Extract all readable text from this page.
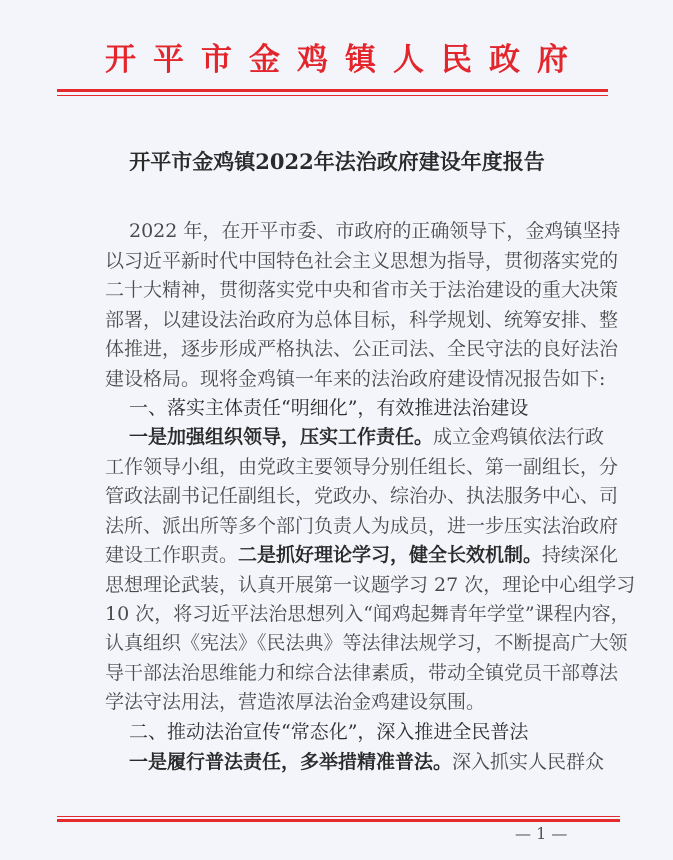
开平市金鸡镇人民政府
开平市金鸡镇2022年法治政府建设年度报告
2022 年，在开平市委、市政府的正确领导下，金鸡镇坚持
以习近平新时代中国特色社会主义思想为指导，贯彻落实党的
二十大精神，贯彻落实党中央和省市关于法治建设的重大决策
部署，以建设法治政府为总体目标，科学规划、统筹安排、整
体推进，逐步形成严格执法、公正司法、全民守法的良好法治
建设格局。现将金鸡镇一年来的法治政府建设情况报告如下:
一、落实主体责任“明细化”，有效推进法治建设
一是加强组织领导，压实工作责任。成立金鸡镇依法行政
工作领导小组，由党政主要领导分别任组长、第一副组长，分
管政法副书记任副组长，党政办、综治办、执法服务中心、司
法所、派出所等多个部门负责人为成员，进一步压实法治政府
建设工作职责。二是抓好理论学习，健全长效机制。持续深化
思想理论武装，认真开展第一议题学习 27 次，理论中心组学习
10 次，将习近平法治思想列入“闻鸡起舞青年学堂”课程内容，
认真组织《宪法》《民法典》等法律法规学习，不断提高广大领
导干部法治思维能力和综合法律素质，带动全镇党员干部尊法
学法守法用法，营造浓厚法治金鸡建设氛围。
二、推动法治宣传“常态化”，深入推进全民普法
一是履行普法责任，多举措精准普法。深入抓实人民群众
— 1 —
